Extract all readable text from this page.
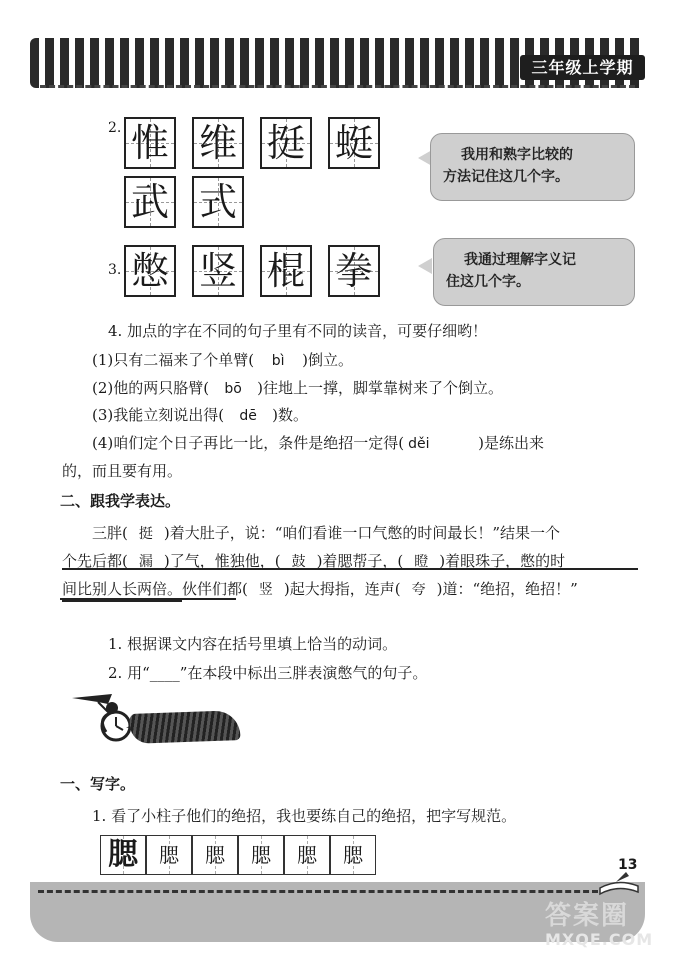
三年级上学期
2. 惟 维 挺 蜓
武 式
我用和熟字比较的
方法记住这几个字。
3. 憋 竖 棍 拳	我通过理解字义记
住这几个字。
4. 加点的字在不同的句子里有不同的读音，可要仔细哟！
(1)只有二福来了个单臂( bì )倒立。
(2)他的两只胳臂( bō )往地上一撑，脚掌靠树来了个倒立。
(3)我能立刻说出得( dē )数。
(4)咱们定个日子再比一比，条件是绝招一定得( děi	)是练出来
的，而且要有用。
二、跟我学表达。
三胖( 挺 )着大肚子，说：“咱们看谁一口气憋的时间最长！”结果一个
个先后都( 漏 )了气，惟独他，( 鼓 )着腮帮子，( 瞪 )着眼珠子，憋的时
间比别人长两倍。伙伴们都( 竖 )起大拇指，连声( 夸 )道：“绝招，绝招！”
1. 根据课文内容在括号里填上恰当的动词。
2. 用“____”在本段中标出三胖表演憋气的句子。
一、写字。
1. 看了小柱子他们的绝招，我也要练自己的绝招，把字写规范。
腮	腮	腮	腮	腮	腮	13
答案圈
MXQE.COM
